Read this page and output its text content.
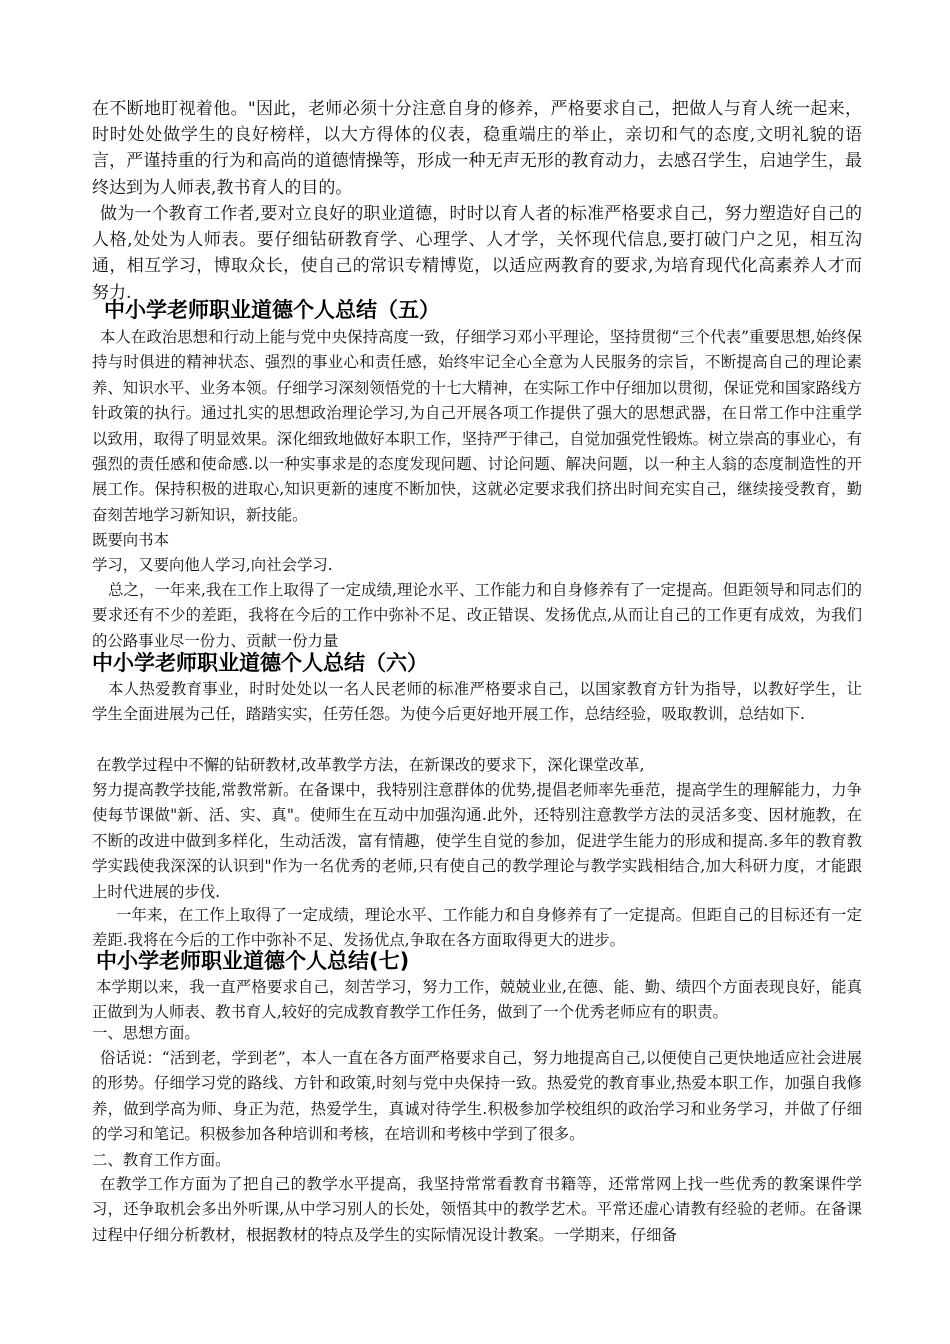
在不断地盯视着他。"因此，老师必须十分注意自身的修养，严格要求自己，把做人与育人统一起来，时时处处做学生的良好榜样，以大方得体的仪表，稳重端庄的举止，亲切和气的态度,文明礼貌的语言，严谨持重的行为和高尚的道德情操等，形成一种无声无形的教育动力，去感召学生，启迪学生，最终达到为人师表,教书育人的目的。

做为一个教育工作者,要对立良好的职业道德，时时以育人者的标准严格要求自己，努力塑造好自己的人格,处处为人师表。要仔细钻研教育学、心理学、人才学，关怀现代信息,要打破门户之见，相互沟通，相互学习，博取众长，使自己的常识专精博览，以适应两教育的要求,为培育现代化高素养人才而努力.

中小学老师职业道德个人总结（五）

本人在政治思想和行动上能与党中央保持高度一致，仔细学习邓小平理论，坚持贯彻“三个代表”重要思想,始终保持与时俱进的精神状态、强烈的事业心和责任感，始终牢记全心全意为人民服务的宗旨，不断提高自己的理论素养、知识水平、业务本领。仔细学习深刻领悟党的十七大精神，在实际工作中仔细加以贯彻，保证党和国家路线方针政策的执行。通过扎实的思想政治理论学习,为自己开展各项工作提供了强大的思想武器，在日常工作中注重学以致用，取得了明显效果。深化细致地做好本职工作，坚持严于律己，自觉加强党性锻炼。树立崇高的事业心，有强烈的责任感和使命感.以一种实事求是的态度发现问题、讨论问题、解决问题，以一种主人翁的态度制造性的开展工作。保持积极的进取心,知识更新的速度不断加快，这就必定要求我们挤出时间充实自己，继续接受教育，勤奋刻苦地学习新知识，新技能。

既要向书本

学习，又要向他人学习,向社会学习.

总之，一年来,我在工作上取得了一定成绩,理论水平、工作能力和自身修养有了一定提高。但距领导和同志们的要求还有不少的差距，我将在今后的工作中弥补不足、改正错误、发扬优点,从而让自己的工作更有成效，为我们的公路事业尽一份力、贡献一份力量

中小学老师职业道德个人总结（六）

本人热爱教育事业，时时处处以一名人民老师的标准严格要求自己，以国家教育方针为指导，以教好学生，让学生全面进展为己任，踏踏实实，任劳任怨。为使今后更好地开展工作，总结经验，吸取教训，总结如下.

在教学过程中不懈的钻研教材,改革教学方法，在新课改的要求下，深化课堂改革,

努力提高教学技能,常教常新。在备课中，我特别注意群体的优势,提倡老师率先垂范，提高学生的理解能力，力争使每节课做"新、活、实、真"。使师生在互动中加强沟通.此外，还特别注意教学方法的灵活多变、因材施教，在不断的改进中做到多样化，生动活泼，富有情趣，使学生自觉的参加，促进学生能力的形成和提高.多年的教育教学实践使我深深的认识到"作为一名优秀的老师,只有使自己的教学理论与教学实践相结合,加大科研力度，才能跟上时代进展的步伐.

一年来，在工作上取得了一定成绩，理论水平、工作能力和自身修养有了一定提高。但距自己的目标还有一定差距.我将在今后的工作中弥补不足、发扬优点,争取在各方面取得更大的进步。

中小学老师职业道德个人总结(七)

本学期以来，我一直严格要求自己，刻苦学习，努力工作，兢兢业业,在德、能、勤、绩四个方面表现良好，能真正做到为人师表、教书育人,较好的完成教育教学工作任务，做到了一个优秀老师应有的职责。

一、思想方面。

俗话说：“活到老，学到老”，本人一直在各方面严格要求自己，努力地提高自己,以便使自己更快地适应社会进展的形势。仔细学习党的路线、方针和政策,时刻与党中央保持一致。热爱党的教育事业,热爱本职工作，加强自我修养，做到学高为师、身正为范，热爱学生，真诚对待学生.积极参加学校组织的政治学习和业务学习，并做了仔细的学习和笔记。积极参加各种培训和考核，在培训和考核中学到了很多。

二、教育工作方面。

在教学工作方面为了把自己的教学水平提高，我坚持常常看教育书籍等，还常常网上找一些优秀的教案课件学习，还争取机会多出外听课,从中学习别人的长处，领悟其中的教学艺术。平常还虚心请教有经验的老师。在备课过程中仔细分析教材，根据教材的特点及学生的实际情况设计教案。一学期来，仔细备
